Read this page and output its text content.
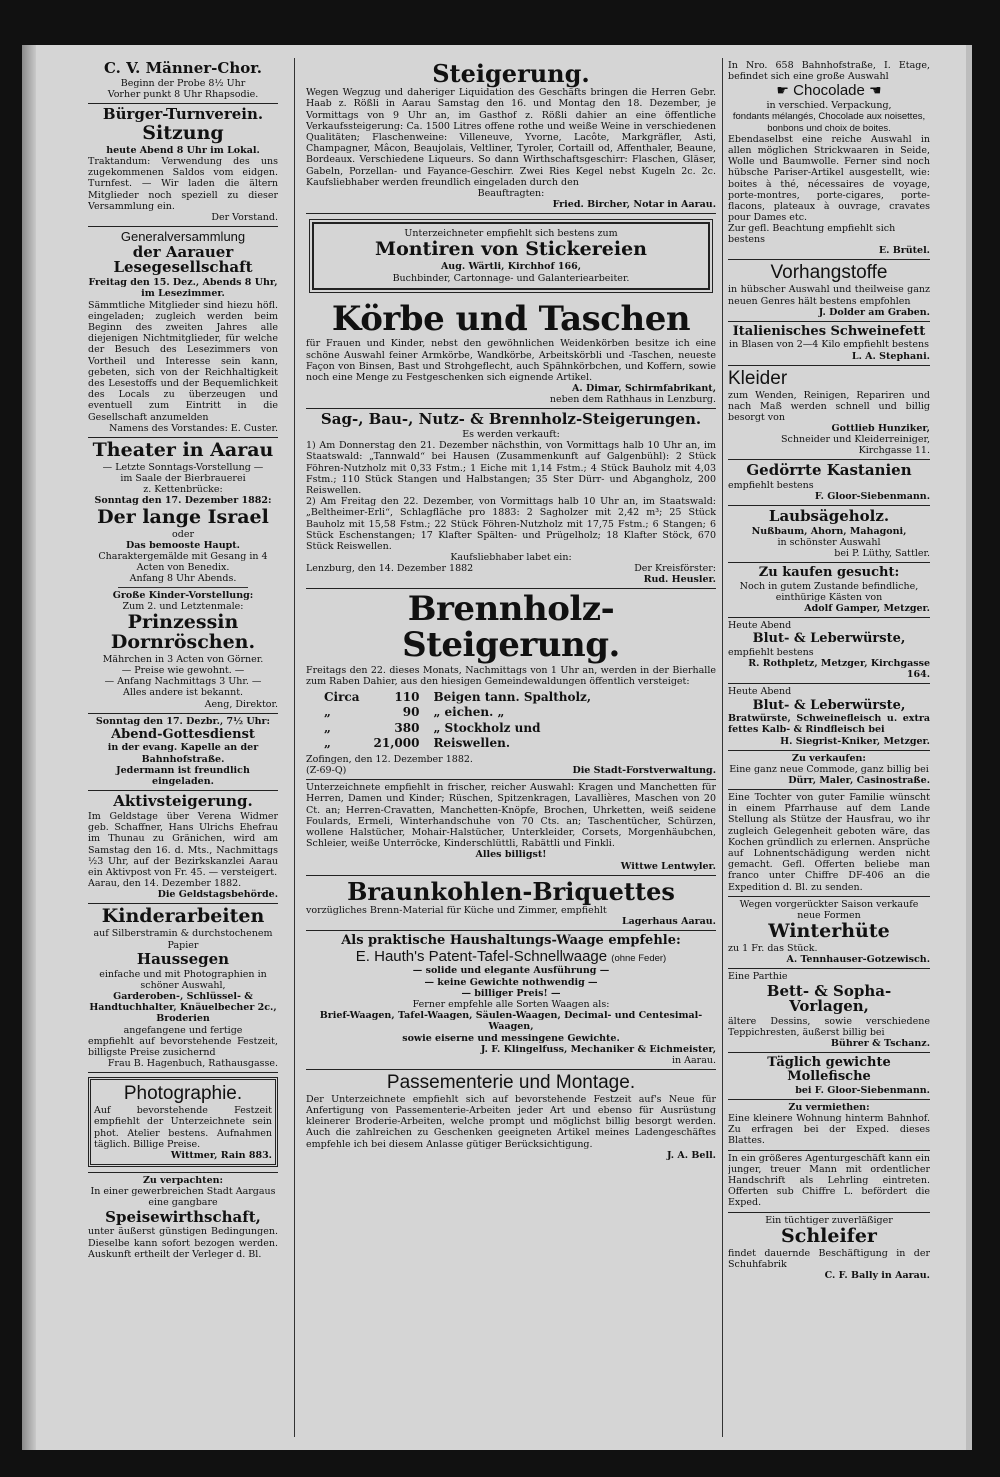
C. V. Männer-Chor.

Beginn der Probe 8½ Uhr

Vorher punkt 8 Uhr Rhapsodie.

Bürger-Turnverein.
Sitzung

heute Abend 8 Uhr im Lokal.

Traktandum: Verwendung des uns zugekommenen Saldos vom eidgen. Turnfest. — Wir laden die ältern Mitglieder noch speziell zu dieser Versammlung ein.

Der Vorstand.
Generalversammlung
der Aarauer Lesegesellschaft

Freitag den 15. Dez., Abends 8 Uhr, im Lesezimmer.

Sämmtliche Mitglieder sind hiezu höfl. eingeladen; zugleich werden beim Beginn des zweiten Jahres alle diejenigen Nichtmitglieder, für welche der Besuch des Lesezimmers von Vortheil und Interesse sein kann, gebeten, sich von der Reichhaltigkeit des Lesestoffs und der Bequemlichkeit des Locals zu überzeugen und eventuell zum Eintritt in die Gesellschaft anzumelden

Namens des Vorstandes: E. Custer.
Theater in Aarau

— Letzte Sonntags-Vorstellung —

im Saale der Bierbrauerei

z. Kettenbrücke:

Sonntag den 17. Dezember 1882:

Der lange Israel

oder

Das bemooste Haupt.

Charaktergemälde mit Gesang in 4 Acten von Benedix.

Anfang 8 Uhr Abends.

Große Kinder-Vorstellung:

Zum 2. und Letztenmale:

Prinzessin Dornröschen.

Mährchen in 3 Acten von Görner.

— Preise wie gewohnt. —

— Anfang Nachmittags 3 Uhr. —

Alles andere ist bekannt.

Aeng, Direktor.

Sonntag den 17. Dezbr., 7½ Uhr:

Abend-Gottesdienst

in der evang. Kapelle an der Bahnhofstraße.

Jedermann ist freundlich eingeladen.

Aktivsteigerung.

Im Geldstage über Verena Widmer geb. Schaffner, Hans Ulrichs Ehefrau im Thunau zu Gränichen, wird am Samstag den 16. d. Mts., Nachmittags ½3 Uhr, auf der Bezirkskanzlei Aarau ein Aktivpost von Fr. 45. — versteigert.

Aarau, den 14. Dezember 1882.

Die Geldstagsbehörde.
Kinderarbeiten

auf Silberstramin & durchstochenem Papier

Haussegen

einfache und mit Photographien in schöner Auswahl,

Garderoben-, Schlüssel- & Handtuchhalter, Knäuelbecher 2c.,

Broderien

angefangene und fertige

empfiehlt auf bevorstehende Festzeit, billigste Preise zusichernd

Frau B. Hagenbuch, Rathausgasse.
Photographie.

Auf bevorstehende Festzeit empfiehlt der Unterzeichnete sein phot. Atelier bestens. Aufnahmen täglich. Billige Preise.

Wittmer, Rain 883.

Zu verpachten:

In einer gewerbreichen Stadt Aargaus eine gangbare

Speisewirthschaft,

unter äußerst günstigen Bedingungen. Dieselbe kann sofort bezogen werden. Auskunft ertheilt der Verleger d. Bl.

Steigerung.

Wegen Wegzug und daheriger Liquidation des Geschäfts bringen die Herren Gebr. Haab z. Rößli in Aarau Samstag den 16. und Montag den 18. Dezember, je Vormittags von 9 Uhr an, im Gasthof z. Rößli dahier an eine öffentliche Verkaufssteigerung: Ca. 1500 Litres offene rothe und weiße Weine in verschiedenen Qualitäten; Flaschenweine: Villeneuve, Yvorne, Lacôte, Markgräfler, Asti, Champagner, Mâcon, Beaujolais, Veltliner, Tyroler, Cortaill od, Affenthaler, Beaune, Bordeaux. Verschiedene Liqueurs. So dann Wirthschaftsgeschirr: Flaschen, Gläser, Gabeln, Porzellan- und Fayance-Geschirr. Zwei Ries Kegel nebst Kugeln 2c. 2c. Kaufsliebhaber werden freundlich eingeladen durch den

Beauftragten:

Fried. Bircher, Notar in Aarau.

Unterzeichneter empfiehlt sich bestens zum

Montiren von Stickereien

Aug. Wärtli, Kirchhof 166,

Buchbinder, Cartonnage- und Galanteriearbeiter.

Körbe und Taschen

für Frauen und Kinder, nebst den gewöhnlichen Weidenkörben besitze ich eine schöne Auswahl feiner Armkörbe, Wandkörbe, Arbeitskörbli und -Taschen, neueste Façon von Binsen, Bast und Strohgeflecht, auch Spähnkörbchen, und Koffern, sowie noch eine Menge zu Festgeschenken sich eignende Artikel.

A. Dimar, Schirmfabrikant,
neben dem Rathhaus in Lenzburg.
Sag-, Bau-, Nutz- & Brennholz-Steigerungen.

Es werden verkauft:

1) Am Donnerstag den 21. Dezember nächsthin, von Vormittags halb 10 Uhr an, im Staatswald: „Tannwald“ bei Hausen (Zusammenkunft auf Galgenbühl): 2 Stück Föhren-Nutzholz mit 0,33 Fstm.; 1 Eiche mit 1,14 Fstm.; 4 Stück Bauholz mit 4,03 Fstm.; 110 Stück Stangen und Halbstangen; 35 Ster Dürr- und Abgangholz, 200 Reiswellen.

2) Am Freitag den 22. Dezember, von Vormittags halb 10 Uhr an, im Staatswald: „Beltheimer-Erli“, Schlagfläche pro 1883: 2 Sagholzer mit 2,42 m³; 25 Stück Bauholz mit 15,58 Fstm.; 22 Stück Föhren-Nutzholz mit 17,75 Fstm.; 6 Stangen; 6 Stück Eschenstangen; 17 Klafter Spälten- und Prügelholz; 18 Klafter Stöck, 670 Stück Reiswellen.

Kaufsliebhaber labet ein:

Lenzburg, den 14. Dezember 1882	Der Kreisförster:
Rud. Heusler.
Brennholz-Steigerung.

Freitags den 22. dieses Monats, Nachmittags von 1 Uhr an, werden in der Bierhalle zum Raben Dahier, aus den hiesigen Gemeindewaldungen öffentlich versteiget:

Circa	110	Beigen tann. Spaltholz,
„	90	„ eichen. „
„	380	„ Stockholz und
„	21,000	Reiswellen.

Zofingen, den 12. Dezember 1882.

(Z-69-Q)	Die Stadt-Forstverwaltung.

Unterzeichnete empfiehlt in frischer, reicher Auswahl: Kragen und Manchetten für Herren, Damen und Kinder; Rüschen, Spitzenkragen, Lavallières, Maschen von 20 Ct. an; Herren-Cravatten, Manchetten-Knöpfe, Brochen, Uhrketten, weiß seidene Foulards, Ermeli, Winterhandschuhe von 70 Cts. an; Taschentücher, Schürzen, wollene Halstücher, Mohair-Halstücher, Unterkleider, Corsets, Morgenhäubchen, Schleier, weiße Unterröcke, Kinderschlüttli, Rabättli und Finkli.

Alles billigst!

Wittwe Lentwyler.
Braunkohlen-Briquettes

vorzügliches Brenn-Material für Küche und Zimmer, empfiehlt

Lagerhaus Aarau.
Als praktische Haushaltungs-Waage empfehle:
E. Hauth's Patent-Tafel-Schnellwaage (ohne Feder)

— solide und elegante Ausführung —

— keine Gewichte nothwendig —

— billiger Preis! —

Ferner empfehle alle Sorten Waagen als:

Brief-Waagen, Tafel-Waagen, Säulen-Waagen, Decimal- und Centesimal-Waagen,

sowie eiserne und messingene Gewichte.

J. F. Klingelfuss, Mechaniker & Eichmeister,
in Aarau.
Passementerie und Montage.

Der Unterzeichnete empfiehlt sich auf bevorstehende Festzeit auf's Neue für Anfertigung von Passementerie-Arbeiten jeder Art und ebenso für Ausrüstung kleinerer Broderie-Arbeiten, welche prompt und möglichst billig besorgt werden. Auch die zahlreichen zu Geschenken geeigneten Artikel meines Ladengeschäftes empfehle ich bei diesem Anlasse gütiger Berücksichtigung.

J. A. Bell.

In Nro. 658 Bahnhofstraße, I. Etage, befindet sich eine große Auswahl

☛ Chocolade ☚

in verschied. Verpackung,

fondants mélangés, Chocolade aux noisettes,

bonbons und choix de boites.

Ebendaselbst eine reiche Auswahl in allen möglichen Strickwaaren in Seide, Wolle und Baumwolle. Ferner sind noch hübsche Pariser-Artikel ausgestellt, wie: boites à thé, nécessaires de voyage, porte-montres, porte-cigares, porte-flacons, plateaux à ouvrage, cravates pour Dames etc.

Zur gefl. Beachtung empfiehlt sich bestens
E. Brütel.
Vorhangstoffe

in hübscher Auswahl und theilweise ganz neuen Genres hält bestens empfohlen

J. Dolder am Graben.
Italienisches Schweinefett

in Blasen von 2—4 Kilo empfiehlt bestens

L. A. Stephani.
Kleider

zum Wenden, Reinigen, Repariren und nach Maß werden schnell und billig besorgt von

Gottlieb Hunziker,
Schneider und Kleiderreiniger, Kirchgasse 11.
Gedörrte Kastanien

empfiehlt bestens

F. Gloor-Siebenmann.
Laubsägeholz.

Nußbaum, Ahorn, Mahagoni,

in schönster Auswahl

bei P. Lüthy, Sattler.
Zu kaufen gesucht:

Noch in gutem Zustande befindliche, einthürige Kästen von

Adolf Gamper, Metzger.

Heute Abend

Blut- & Leberwürste,

empfiehlt bestens

R. Rothpletz, Metzger, Kirchgasse 164.

Heute Abend

Blut- & Leberwürste,

Bratwürste, Schweinefleisch u. extra fettes Kalb- & Rindfleisch bei

H. Siegrist-Kniker, Metzger.

Zu verkaufen:

Eine ganz neue Commode, ganz billig bei

Dürr, Maler, Casinostraße.

Eine Tochter von guter Familie wünscht in einem Pfarrhause auf dem Lande Stellung als Stütze der Hausfrau, wo ihr zugleich Gelegenheit geboten wäre, das Kochen gründlich zu erlernen. Ansprüche auf Lohnentschädigung werden nicht gemacht. Gefl. Offerten beliebe man franco unter Chiffre DF-406 an die Expedition d. Bl. zu senden.

Wegen vorgerückter Saison verkaufe neue Formen

Winterhüte

zu 1 Fr. das Stück.

A. Tennhauser-Gotzewisch.

Eine Parthie

Bett- & Sopha-Vorlagen,

ältere Dessins, sowie verschiedene Teppichresten, äußerst billig bei

Bührer & Tschanz.
Täglich gewichte Mollefische
bei F. Gloor-Siebenmann.

Zu vermiethen:

Eine kleinere Wohnung hinterm Bahnhof. Zu erfragen bei der Exped. dieses Blattes.

In ein größeres Agenturgeschäft kann ein junger, treuer Mann mit ordentlicher Handschrift als Lehrling eintreten. Offerten sub Chiffre L. befördert die Exped.

Ein tüchtiger zuverläßiger

Schleifer

findet dauernde Beschäftigung in der Schuhfabrik

C. F. Bally in Aarau.
